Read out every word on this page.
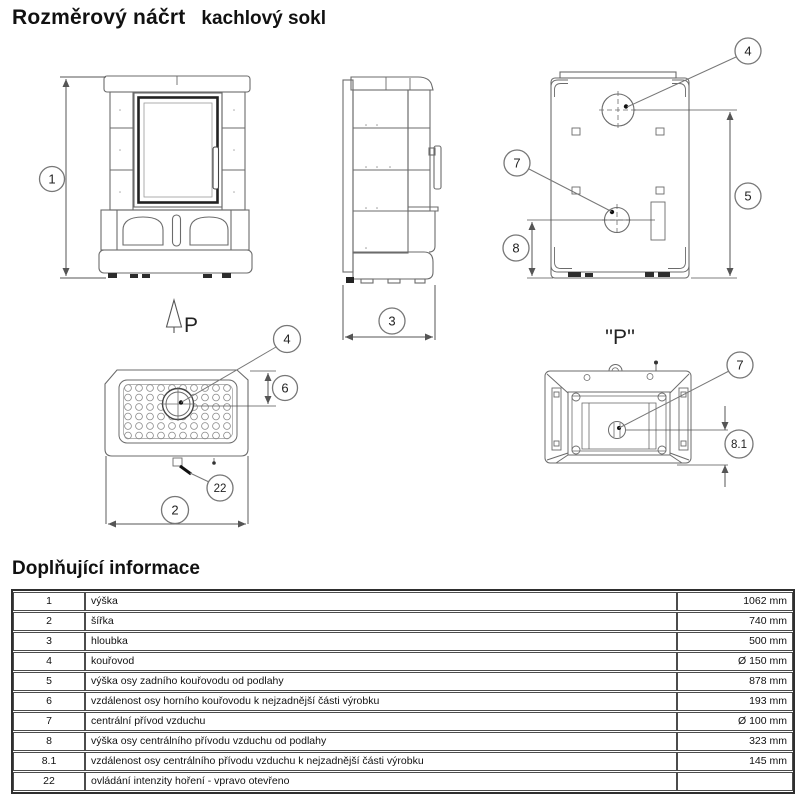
Rozměrový náčrt kachlový sokl
1
P	3
4
5
7
8
4
6
22
2
''P''
7
8.1
Doplňující informace
1	výška	1062 mm
2	šířka	740 mm
3	hloubka	500 mm
4	kouřovod	Ø 150 mm
5	výška osy zadního kouřovodu od podlahy	878 mm
6	vzdálenost osy horního kouřovodu k nejzadnější části výrobku	193 mm
7	centrální přívod vzduchu	Ø 100 mm
8	výška osy centrálního přívodu vzduchu od podlahy	323 mm
8.1	vzdálenost osy centrálního přívodu vzduchu k nejzadnější části výrobku	145 mm
22	ovládání intenzity hoření - vpravo otevřeno	
